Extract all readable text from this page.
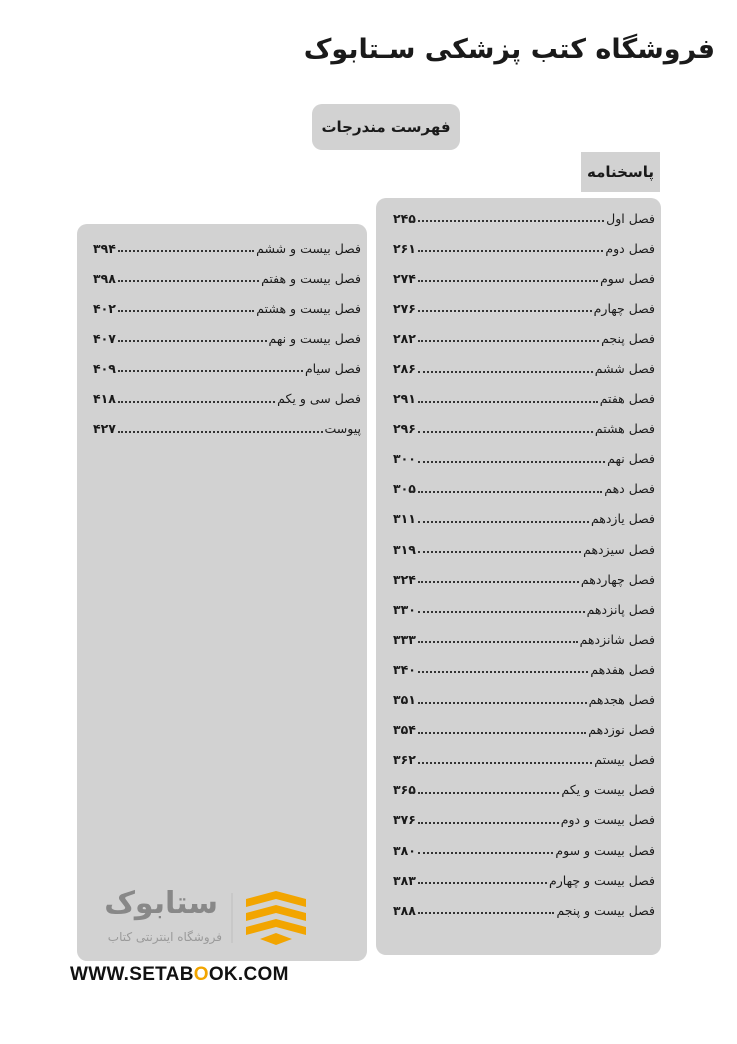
فروشگاه کتب پزشکی سـتابوک
فهرست مندرجات
پاسخنامه
فصل اول
۲۴۵
فصل دوم
۲۶۱
فصل سوم
۲۷۴
فصل چهارم
۲۷۶
فصل پنجم
۲۸۲
فصل ششم
۲۸۶
فصل هفتم
۲۹۱
فصل هشتم
۲۹۶
فصل نهم
۳۰۰
فصل دهم
۳۰۵
فصل یازدهم
۳۱۱
فصل سیزدهم
۳۱۹
فصل چهاردهم
۳۲۴
فصل پانزدهم
۳۳۰
فصل شانزدهم
۳۳۳
فصل هفدهم
۳۴۰
فصل هجدهم
۳۵۱
فصل نوزدهم
۳۵۴
فصل بیستم
۳۶۲
فصل بیست و یکم
۳۶۵
فصل بیست و دوم
۳۷۶
فصل بیست و سوم
۳۸۰
فصل بیست و چهارم
۳۸۳
فصل بیست و پنجم
۳۸۸
فصل بیست و ششم
۳۹۴
فصل بیست و هفتم
۳۹۸
فصل بیست و هشتم
۴۰۲
فصل بیست و نهم
۴۰۷
فصل سیام
۴۰۹
فصل سی و یکم
۴۱۸
پیوست
۴۲۷
ستابوک
فروشگاه اینترنتی کتاب
WWW.SETABOOK.COM
